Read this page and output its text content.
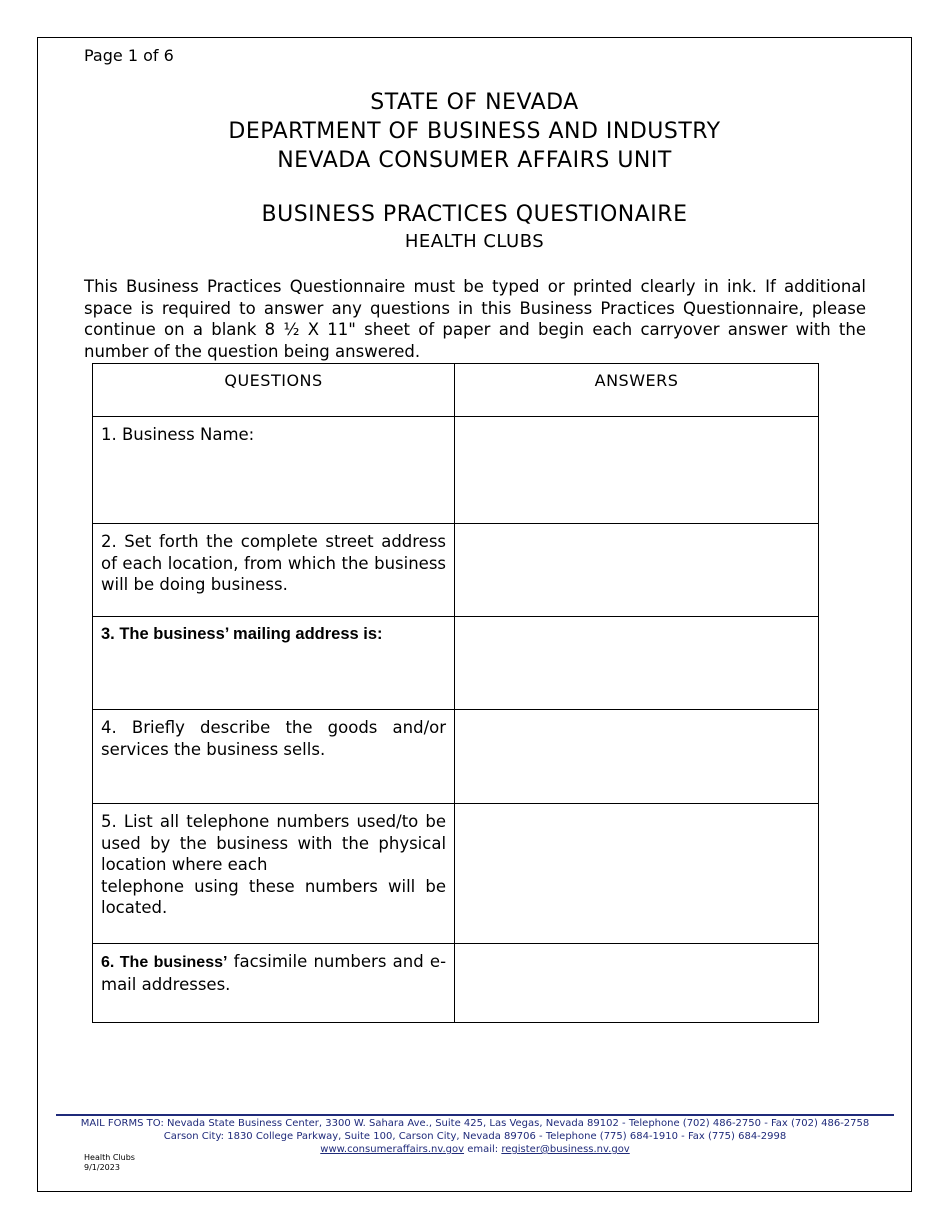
Page 1 of 6
STATE OF NEVADA
DEPARTMENT OF BUSINESS AND INDUSTRY
NEVADA CONSUMER AFFAIRS UNIT
BUSINESS PRACTICES QUESTIONAIRE
HEALTH CLUBS
This Business Practices Questionnaire must be typed or printed clearly in ink. If additional space is required to answer any questions in this Business Practices Questionnaire, please continue on a blank 8 ½ X 11" sheet of paper and begin each carryover answer with the number of the question being answered.
QUESTIONS	ANSWERS
1. Business Name:	
2. Set forth the complete street address of each location, from which the business will be doing business.	
3. The business’ mailing address is:	
4. Briefly describe the goods and/or services the business sells.	

5. List all telephone numbers used/to be used by the business with the physical location where each
telephone using these numbers will be located.	

6. The business’ facsimile numbers and e-mail addresses.	
MAIL FORMS TO: Nevada State Business Center, 3300 W. Sahara Ave., Suite 425, Las Vegas, Nevada 89102 - Telephone (702) 486-2750 - Fax (702) 486-2758
Carson City: 1830 College Parkway, Suite 100, Carson City, Nevada 89706 - Telephone (775) 684-1910 - Fax (775) 684-2998
www.consumeraffairs.nv.gov email: register@business.nv.gov
Health Clubs
9/1/2023
